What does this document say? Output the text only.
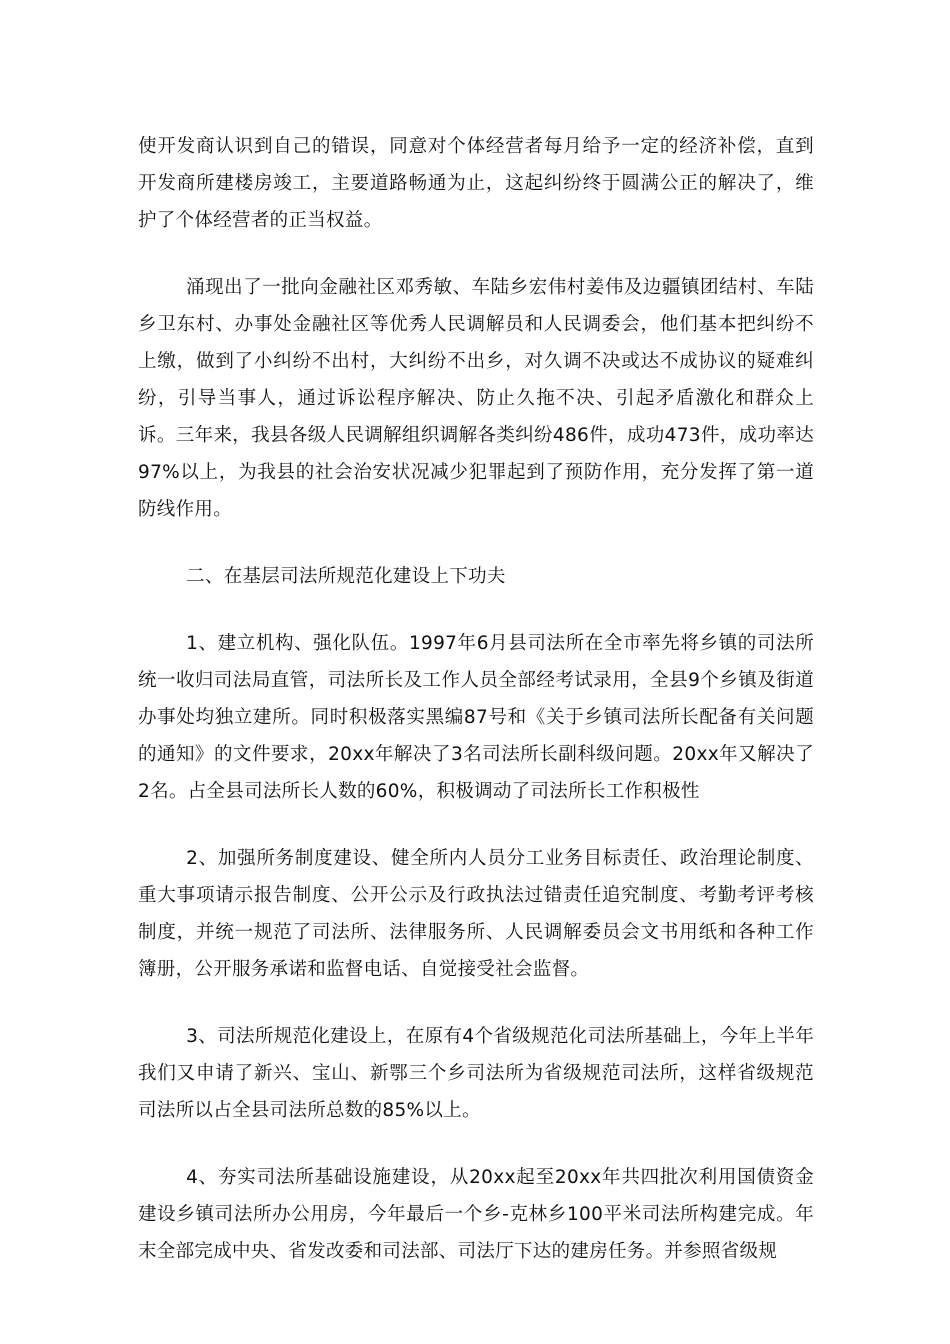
使开发商认识到自己的错误，同意对个体经营者每月给予一定的经济补偿，直到开发商所建楼房竣工，主要道路畅通为止，这起纠纷终于圆满公正的解决了，维护了个体经营者的正当权益。

涌现出了一批向金融社区邓秀敏、车陆乡宏伟村姜伟及边疆镇团结村、车陆乡卫东村、办事处金融社区等优秀人民调解员和人民调委会，他们基本把纠纷不上缴，做到了小纠纷不出村，大纠纷不出乡，对久调不决或达不成协议的疑难纠纷，引导当事人，通过诉讼程序解决、防止久拖不决、引起矛盾激化和群众上诉。三年来，我县各级人民调解组织调解各类纠纷486件，成功473件，成功率达97%以上，为我县的社会治安状况减少犯罪起到了预防作用，充分发挥了第一道防线作用。

二、在基层司法所规范化建设上下功夫

1、建立机构、强化队伍。1997年6月县司法所在全市率先将乡镇的司法所统一收归司法局直管，司法所长及工作人员全部经考试录用，全县9个乡镇及街道办事处均独立建所。同时积极落实黑编87号和《关于乡镇司法所长配备有关问题的通知》的文件要求，20xx年解决了3名司法所长副科级问题。20xx年又解决了2名。占全县司法所长人数的60%，积极调动了司法所长工作积极性

2、加强所务制度建设、健全所内人员分工业务目标责任、政治理论制度、重大事项请示报告制度、公开公示及行政执法过错责任追究制度、考勤考评考核制度，并统一规范了司法所、法律服务所、人民调解委员会文书用纸和各种工作簿册，公开服务承诺和监督电话、自觉接受社会监督。

3、司法所规范化建设上，在原有4个省级规范化司法所基础上，今年上半年我们又申请了新兴、宝山、新鄂三个乡司法所为省级规范司法所，这样省级规范司法所以占全县司法所总数的85%以上。

4、夯实司法所基础设施建设，从20xx起至20xx年共四批次利用国债资金建设乡镇司法所办公用房，今年最后一个乡-克林乡100平米司法所构建完成。年末全部完成中央、省发改委和司法部、司法厅下达的建房任务。并参照省级规
